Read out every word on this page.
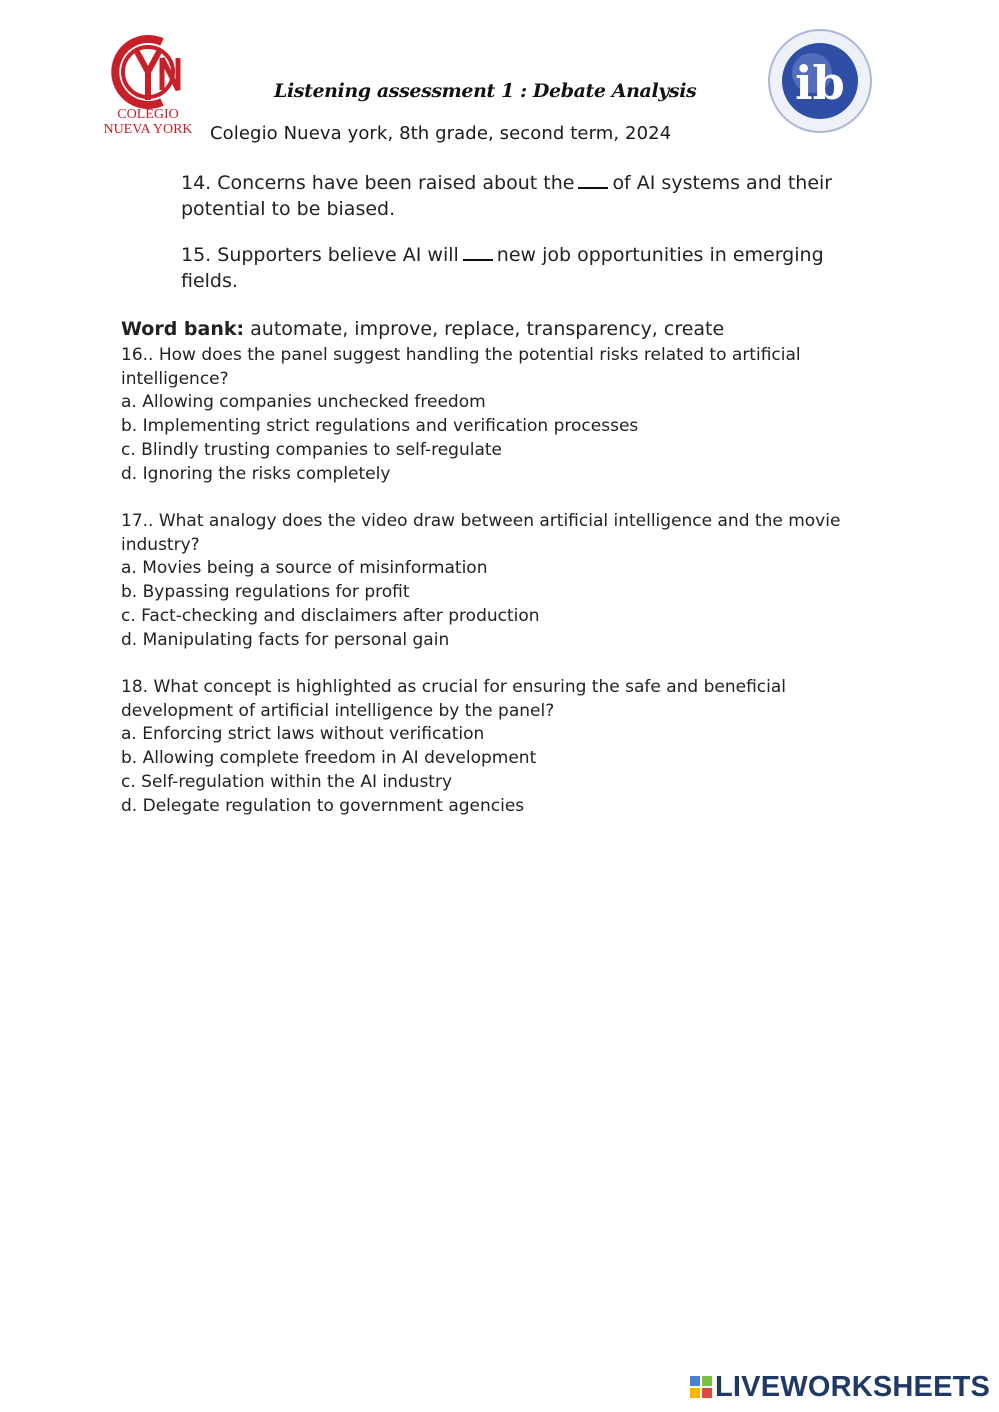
COLEGIO
NUEVA YORK
Listening assessment 1 : Debate Analysis
Colegio Nueva york, 8th grade, second term, 2024
ib
14. Concerns have been raised about the of AI systems and their potential to be biased.
15. Supporters believe AI will new job opportunities in emerging fields.
Word bank: automate, improve, replace, transparency, create
16.. How does the panel suggest handling the potential risks related to artificial intelligence?
a. Allowing companies unchecked freedom
b. Implementing strict regulations and verification processes
c. Blindly trusting companies to self-regulate
d. Ignoring the risks completely
17.. What analogy does the video draw between artificial intelligence and the movie industry?
a. Movies being a source of misinformation
b. Bypassing regulations for profit
c. Fact-checking and disclaimers after production
d. Manipulating facts for personal gain
18. What concept is highlighted as crucial for ensuring the safe and beneficial development of artificial intelligence by the panel?
a. Enforcing strict laws without verification
b. Allowing complete freedom in AI development
c. Self-regulation within the AI industry
d. Delegate regulation to government agencies
LIVEWORKSHEETS
